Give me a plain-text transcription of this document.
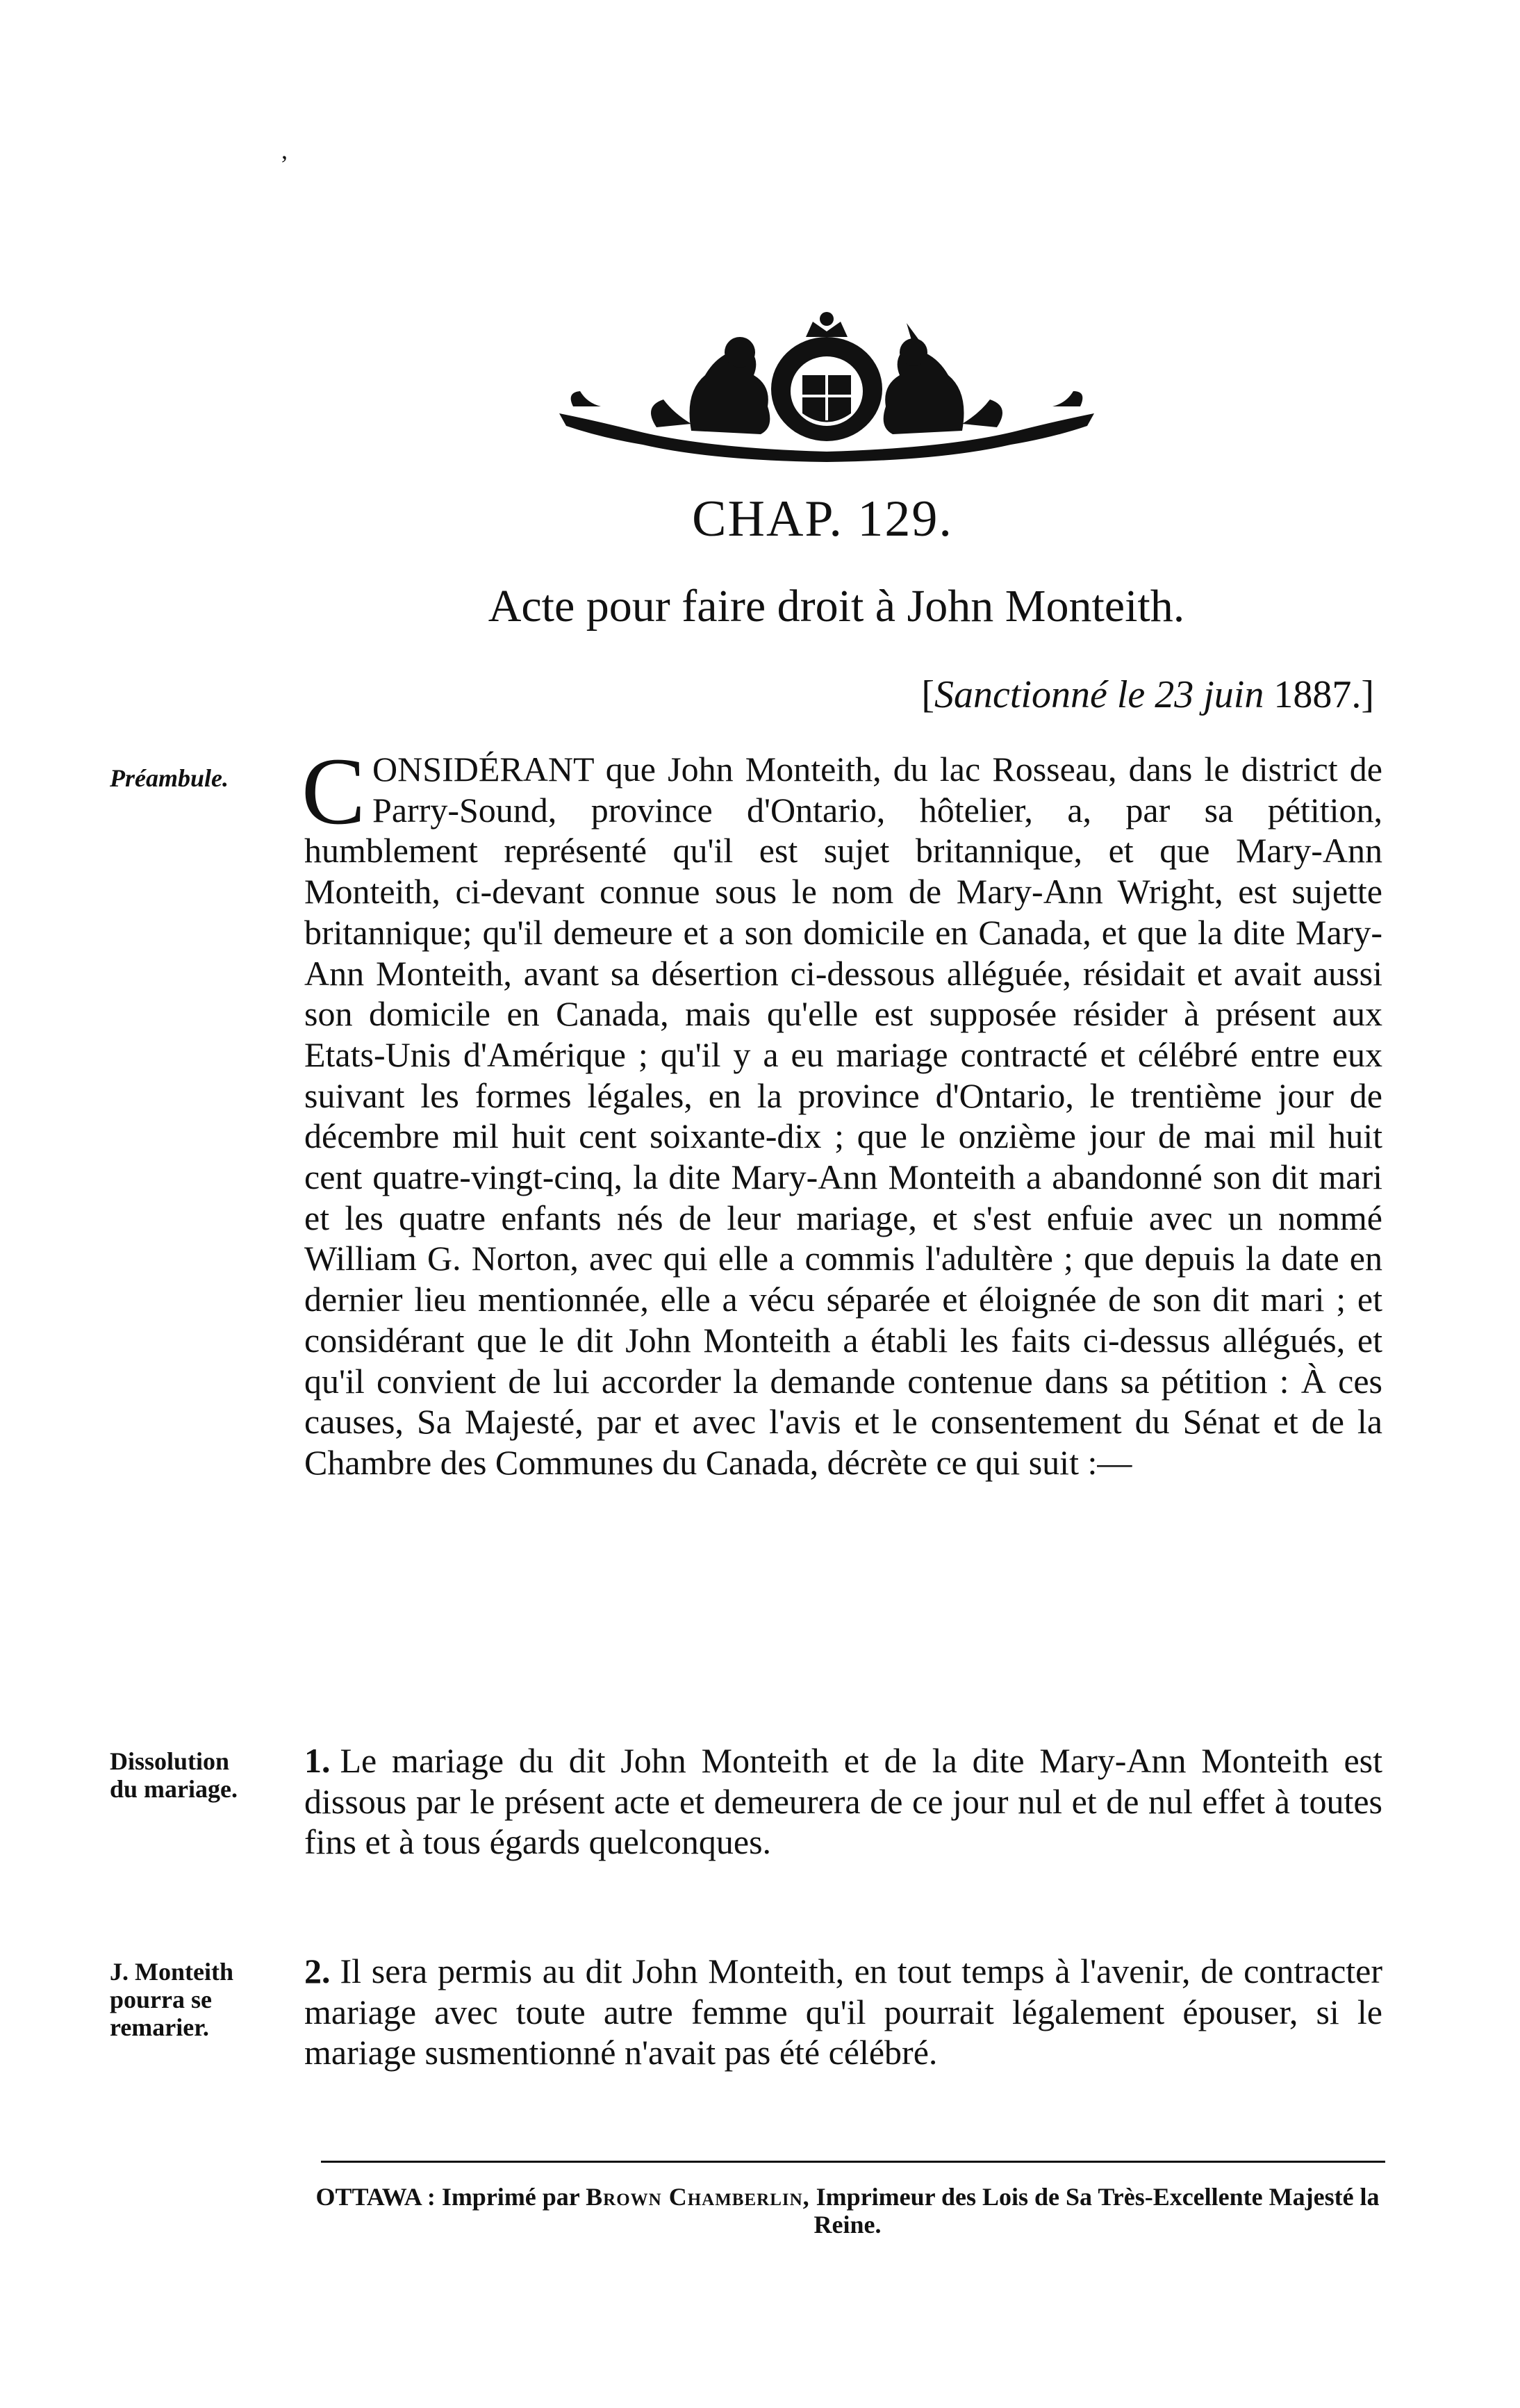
,
CHAP. 129.
Acte pour faire droit à John Monteith.
[Sanctionné le 23 juin 1887.]
Préambule.
Dissolution
du mariage.
J. Monteith
pourra se
remarier.
CONSIDÉRANT que John Monteith, du lac Rosseau, dans le district de Parry-Sound, province d'Ontario, hôtelier, a, par sa pétition, humblement représenté qu'il est sujet britannique, et que Mary-Ann Monteith, ci-devant connue sous le nom de Mary-Ann Wright, est sujette britannique; qu'il demeure et a son domicile en Canada, et que la dite Mary-Ann Monteith, avant sa désertion ci-dessous alléguée, résidait et avait aussi son domicile en Canada, mais qu'elle est supposée résider à présent aux Etats-Unis d'Amérique ; qu'il y a eu mariage contracté et célébré entre eux suivant les formes légales, en la province d'Ontario, le trentième jour de décembre mil huit cent soixante-dix ; que le onzième jour de mai mil huit cent quatre-vingt-cinq, la dite Mary-Ann Monteith a abandonné son dit mari et les quatre enfants nés de leur mariage, et s'est enfuie avec un nommé William G. Norton, avec qui elle a commis l'adultère ; que depuis la date en dernier lieu mentionnée, elle a vécu séparée et éloignée de son dit mari ; et considérant que le dit John Monteith a établi les faits ci-dessus allégués, et qu'il convient de lui accorder la demande contenue dans sa pétition : À ces causes, Sa Majesté, par et avec l'avis et le consentement du Sénat et de la Chambre des Communes du Canada, décrète ce qui suit :—
1. Le mariage du dit John Monteith et de la dite Mary-Ann Monteith est dissous par le présent acte et demeurera de ce jour nul et de nul effet à toutes fins et à tous égards quelconques.
2. Il sera permis au dit John Monteith, en tout temps à l'avenir, de contracter mariage avec toute autre femme qu'il pourrait légalement épouser, si le mariage susmentionné n'avait pas été célébré.
OTTAWA : Imprimé par Brown Chamberlin, Imprimeur des Lois de Sa Très-Excellente Majesté la Reine.
